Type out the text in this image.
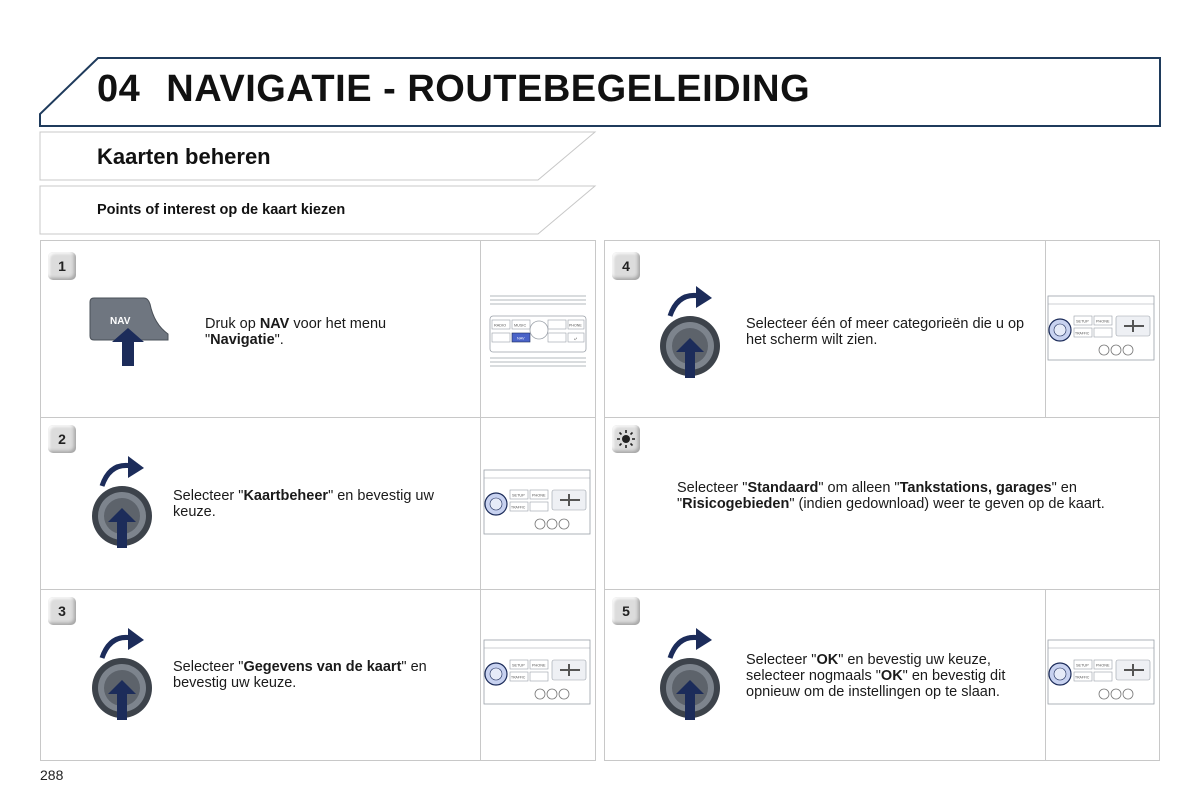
04 NAVIGATIE - ROUTEBEGELEIDING
Kaarten beheren
Points of interest op de kaart kiezen
1
2
3
4
5
NAV	RADIO MUSIC
NAV
PHONE
⤶
SETUP PHONE
TRAFFIC
SETUP PHONE
TRAFFIC
SETUP PHONE
TRAFFIC
SETUP PHONE
TRAFFIC
Druk op NAV voor het menu "Navigatie".
Selecteer "Kaartbeheer" en bevestig uw keuze.
Selecteer "Gegevens van de kaart" en bevestig uw keuze.
Selecteer één of meer categorieën die u op het scherm wilt zien.
Selecteer "Standaard" om alleen "Tankstations, garages" en "Risicogebieden" (indien gedownload) weer te geven op de kaart.
Selecteer "OK" en bevestig uw keuze, selecteer nogmaals "OK" en bevestig dit opnieuw om de instellingen op te slaan.
288
